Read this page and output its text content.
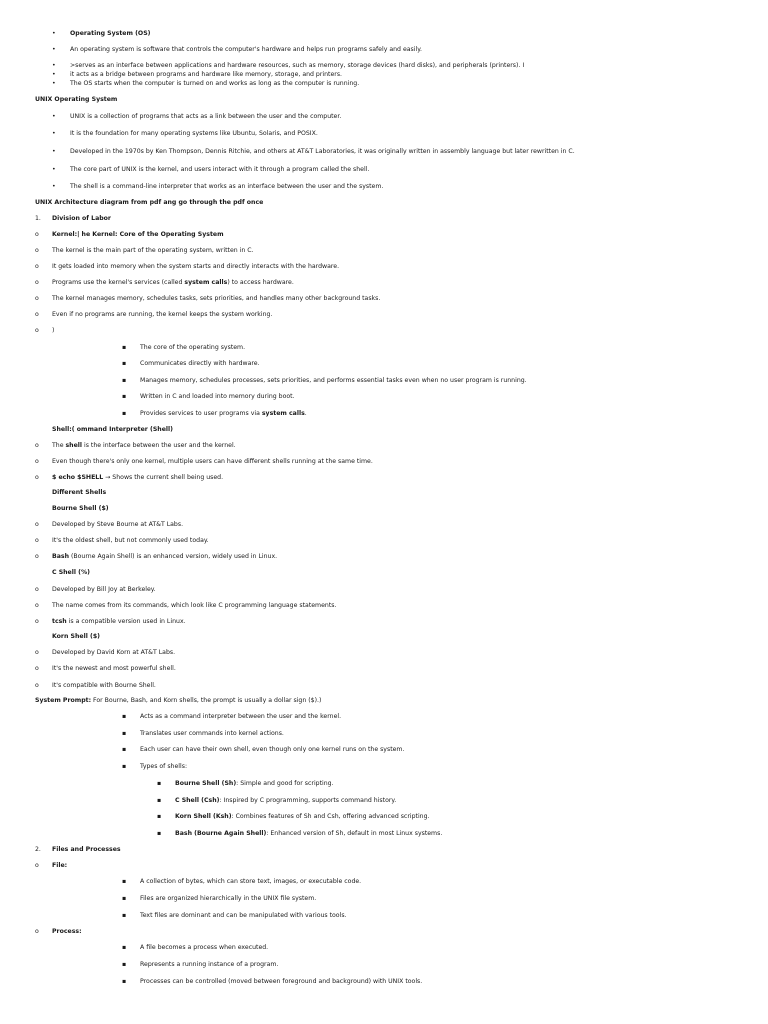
• Operating System (OS)
• An operating system is software that controls the computer's hardware and helps run programs safely and easily.
• >serves as an interface between applications and hardware resources, such as memory, storage devices (hard disks), and peripherals (printers). I
• it acts as a bridge between programs and hardware like memory, storage, and printers.
• The OS starts when the computer is turned on and works as long as the computer is running.
UNIX Operating System
• UNIX is a collection of programs that acts as a link between the user and the computer.
• It is the foundation for many operating systems like Ubuntu, Solaris, and POSIX.
• Developed in the 1970s by Ken Thompson, Dennis Ritchie, and others at AT&T Laboratories, it was originally written in assembly language but later rewritten in C.
• The core part of UNIX is the kernel, and users interact with it through a program called the shell.
• The shell is a command-line interpreter that works as an interface between the user and the system.
UNIX Architecture diagram from pdf ang go through the pdf once
1. Division of Labor
o Kernel:| he Kernel: Core of the Operating System
o The kernel is the main part of the operating system, written in C.
o It gets loaded into memory when the system starts and directly interacts with the hardware.
o Programs use the kernel's services (called system calls) to access hardware.
o The kernel manages memory, schedules tasks, sets priorities, and handles many other background tasks.
o Even if no programs are running, the kernel keeps the system working.
o )
▪ The core of the operating system.
▪ Communicates directly with hardware.
▪ Manages memory, schedules processes, sets priorities, and performs essential tasks even when no user program is running.
▪ Written in C and loaded into memory during boot.
▪ Provides services to user programs via system calls.
Shell:( ommand Interpreter (Shell)
o The shell is the interface between the user and the kernel.
o Even though there's only one kernel, multiple users can have different shells running at the same time.
o $ echo $SHELL → Shows the current shell being used.
Different Shells
Bourne Shell ($)
o Developed by Steve Bourne at AT&T Labs.
o It's the oldest shell, but not commonly used today.
o Bash (Bourne Again Shell) is an enhanced version, widely used in Linux.
C Shell (%)
o Developed by Bill Joy at Berkeley.
o The name comes from its commands, which look like C programming language statements.
o tcsh is a compatible version used in Linux.
Korn Shell ($)
o Developed by David Korn at AT&T Labs.
o It's the newest and most powerful shell.
o It's compatible with Bourne Shell.
System Prompt: For Bourne, Bash, and Korn shells, the prompt is usually a dollar sign ($).)
▪ Acts as a command interpreter between the user and the kernel.
▪ Translates user commands into kernel actions.
▪ Each user can have their own shell, even though only one kernel runs on the system.
▪ Types of shells:
▪ Bourne Shell (Sh): Simple and good for scripting.
▪ C Shell (Csh): Inspired by C programming, supports command history.
▪ Korn Shell (Ksh): Combines features of Sh and Csh, offering advanced scripting.
▪ Bash (Bourne Again Shell): Enhanced version of Sh, default in most Linux systems.
2. Files and Processes
o File:
▪ A collection of bytes, which can store text, images, or executable code.
▪ Files are organized hierarchically in the UNIX file system.
▪ Text files are dominant and can be manipulated with various tools.
o Process:
▪ A file becomes a process when executed.
▪ Represents a running instance of a program.
▪ Processes can be controlled (moved between foreground and background) with UNIX tools.
